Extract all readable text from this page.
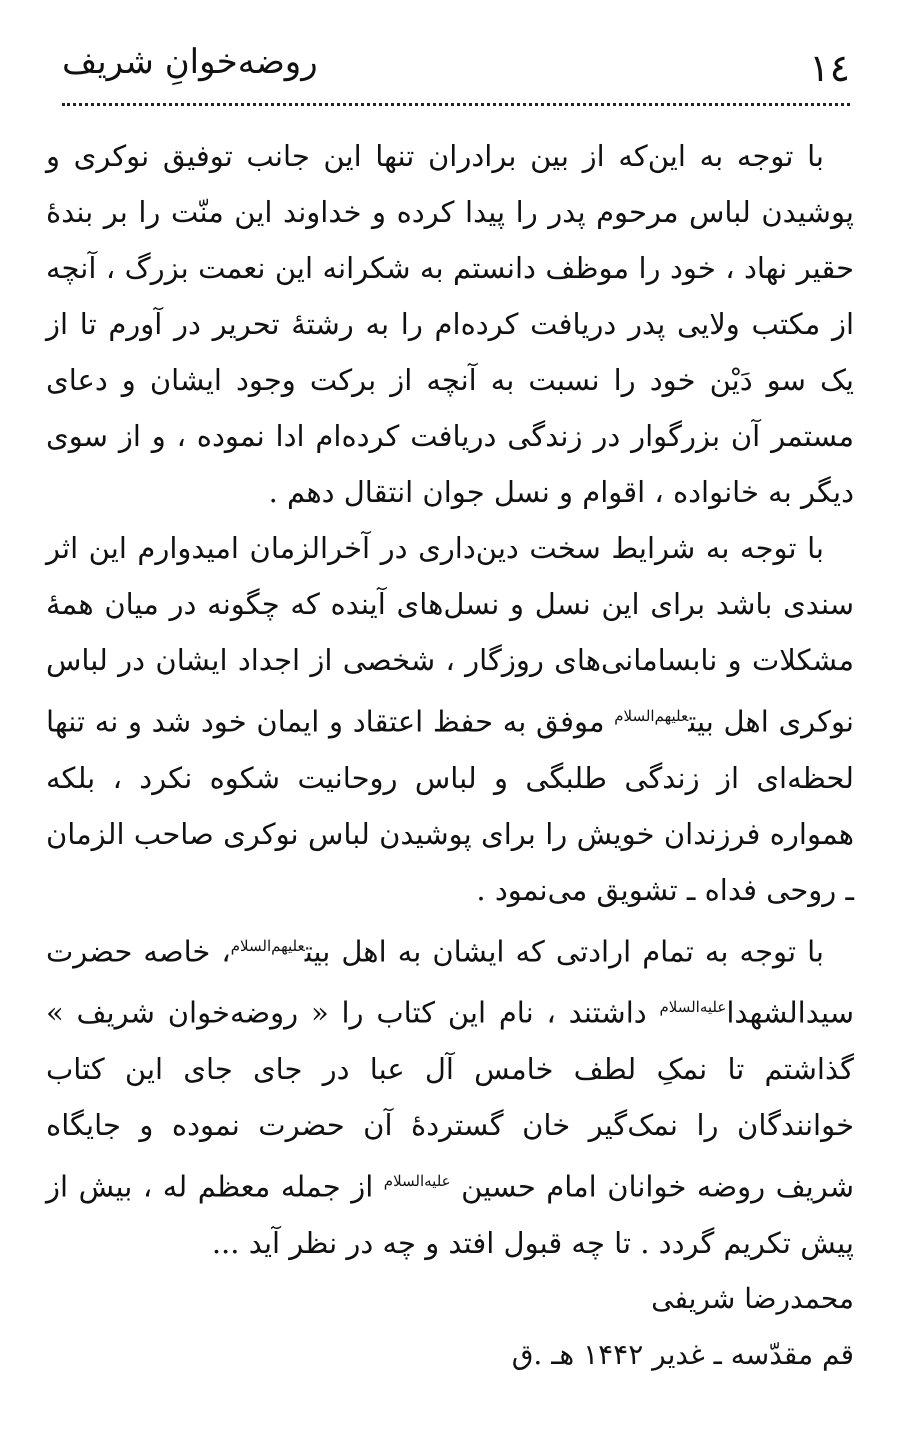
١٤
روضه‌خوانِ شریف

با توجه به این‌که از بین برادران تنها این جانب توفیق نوکری و پوشیدن لباس مرحوم پدر را پیدا کرده و خداوند این منّت را بر بندهٔ حقیر نهاد ، خود را موظف دانستم به شکرانه این نعمت بزرگ ، آنچه از مکتب ولایی پدر دریافت کرده‌ام را به رشتهٔ تحریر در آورم تا از یک سو دَیْن خود را نسبت به آنچه از برکت وجود ایشان و دعای مستمر آن بزرگوار در زندگی دریافت کرده‌ام ادا نموده ، و از سوی دیگر به خانواده ، اقوام و نسل جوان انتقال دهم .

با توجه به شرایط سخت دین‌داری در آخرالزمان امیدوارم این اثر سندی باشد برای این نسل و نسل‌های آینده که چگونه در میان همهٔ مشکلات و نابسامانی‌های روزگار ، شخصی از اجداد ایشان در لباس نوکری اهل بیت$^{علیهم‌السلام}$ موفق به حفظ اعتقاد و ایمان خود شد و نه تنها لحظه‌ای از زندگی طلبگی و لباس روحانیت شکوه نکرد ، بلکه همواره فرزندان خویش را برای پوشیدن لباس نوکری صاحب الزمان ـ روحی فداه ـ تشویق می‌نمود .

با توجه به تمام ارادتی که ایشان به اهل بیت$^{علیهم‌السلام}$، خاصه حضرت سیدالشهدا$^{علیه‌السلام}$ داشتند ، نام این کتاب را « روضه‌خوان شریف » گذاشتم تا نمکِ لطف خامس آل عبا در جای جای این کتاب خوانندگان را نمک‌گیر خان گستردهٔ آن حضرت نموده و جایگاه شریف روضه خوانان امام حسین $^{علیه‌السلام}$ از جمله معظم له ، بیش از پیش تکریم گردد . تا چه قبول افتد و چه در نظر آید ...

محمدرضا شریفی

قم مقدّسه ـ غدیر ۱۴۴۲ هـ .ق
